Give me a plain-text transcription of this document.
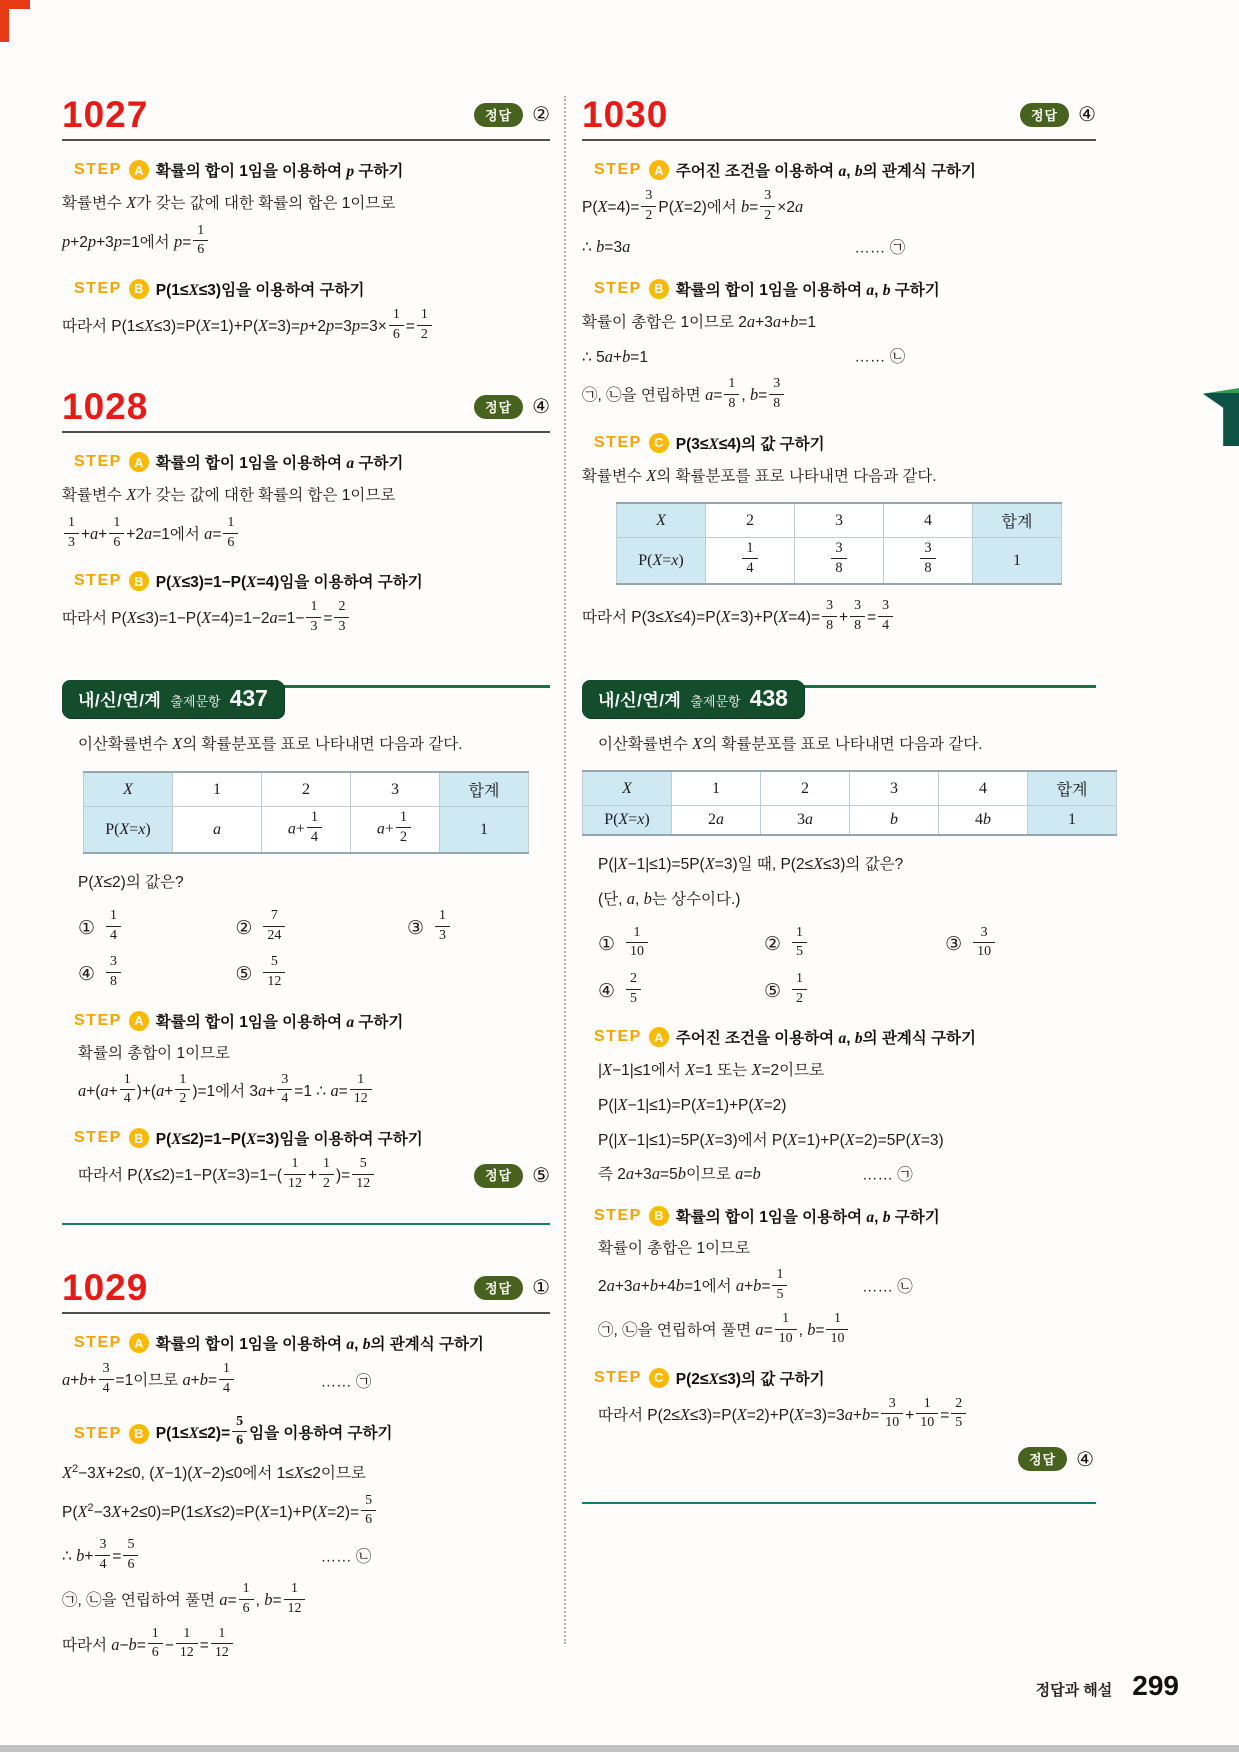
1027	정답	②
STEP A 확률의 합이 1임을 이용하여 p 구하기
확률변수 X가 갖는 값에 대한 확률의 합은 1이므로
p+2p+3p=1에서 $p= \frac{1}{6}$
STEP B P(1≤X≤3)임을 이용하여 구하기
따라서 $P(1\le X\le 3)=P(X=1)+P(X=3)=p+2p=3p=3\times \frac{1}{6} = \frac{1}{2}$
1028	정답	④
STEP A 확률의 합이 1임을 이용하여 a 구하기
확률변수 X가 갖는 값에 대한 확률의 합은 1이므로
$\frac{1}{3} +a+ \frac{1}{6} +2a=1$에서 $a= \frac{1}{6}$
STEP B P(X≤3)=1−P(X=4)임을 이용하여 구하기
따라서 $P(X\le 3)=1-P(X=4)=1-2a=1- \frac{1}{3} = \frac{2}{3}$
내/신/연/계 출제문항 437
이산확률변수 X의 확률분포를 표로 나타내면 다음과 같다.
X	1	2	3	합계
P(X=x)	a	$a+ \frac{1}{4}$	$a+ \frac{1}{2}$	1
P(X≤2)의 값은?
① $\frac{1}{4}$	② $\frac{7}{24}$	③ $\frac{1}{3}$
④ $\frac{3}{8}$	⑤ $\frac{5}{12}$
STEP A 확률의 합이 1임을 이용하여 a 구하기
확률의 총합이 1이므로
$a+(a+ \frac{1}{4} )+(a+ \frac{1}{2} )=1$에서 $3a+ \frac{3}{4} =1$ ∴ $a= \frac{1}{12}$
STEP B P(X≤2)=1−P(X=3)임을 이용하여 구하기
따라서 $P(X\le 2)=1-P(X=3)=1-( \frac{1}{12} + \frac{1}{2}$ )= $\frac{5}{12}$	정답	⑤
1029	정답	①
STEP A 확률의 합이 1임을 이용하여 a, b의 관계식 구하기
$a+b+ \frac{3}{4} =1$이므로 $a+b= \frac{1}{4}$	…… ㉠
STEP B $P(1\le X\le 2)= \frac{5}{6}$ 임을 이용하여 구하기
$X^2-3X+2\le 0$, (X−1)(X−2)≤0에서 1≤X≤2이므로
$P(X^2-3X+2\le 0)=P(1\le X\le 2)=P(X=1)+P(X=2)= \frac{5}{6}$
∴ $b+ \frac{3}{4} = \frac{5}{6}$	…… ㉡
㉠, ㉡을 연립하여 풀면 $a= \frac{1}{6}$ , $b= \frac{1}{12}$
따라서 $a-b= \frac{1}{6} - \frac{1}{12} = \frac{1}{12}$
1030	정답	④
STEP A 주어진 조건을 이용하여 a, b의 관계식 구하기
$P(X=4)= \frac{3}{2} P(X=2)$에서 $b= \frac{3}{2} \times 2a$
∴ b=3a	…… ㉠
STEP B 확률의 합이 1임을 이용하여 a, b 구하기
확률이 총합은 1이므로 2a+3a+b=1
∴ 5a+b=1	…… ㉡
㉠, ㉡을 연립하면 $a= \frac{1}{8}$ , $b= \frac{3}{8}$
STEP C P(3≤X≤4)의 값 구하기
확률변수 X의 확률분포를 표로 나타내면 다음과 같다.
X	2	3	4	합계
P(X=x)	$\frac{1}{4}$	$\frac{3}{8}$	$\frac{3}{8}$	1
따라서 $P(3\le X\le 4)=P(X=3)+P(X=4)= \frac{3}{8} + \frac{3}{8} = \frac{3}{4}$
내/신/연/계 출제문항 438
이산확률변수 X의 확률분포를 표로 나타내면 다음과 같다.
X	1	2	3	4	합계
P(X=x)	2a	3a	b	4b	1
P(|X−1|≤1)=5P(X=3)일 때, P(2≤X≤3)의 값은?
(단, a, b는 상수이다.)
① $\frac{1}{10}$	② $\frac{1}{5}$	③ $\frac{3}{10}$
④ $\frac{2}{5}$	⑤ $\frac{1}{2}$
STEP A 주어진 조건을 이용하여 a, b의 관계식 구하기
|X−1|≤1에서 X=1 또는 X=2이므로
P(|X−1|≤1)=P(X=1)+P(X=2)
P(|X−1|≤1)=5P(X=3)에서 P(X=1)+P(X=2)=5P(X=3)
즉 2a+3a=5b이므로 a=b	…… ㉠
STEP B 확률의 합이 1임을 이용하여 a, b 구하기
확률이 총합은 1이므로
2a+3a+b+4b=1에서 $a+b= \frac{1}{5}$	…… ㉡
㉠, ㉡을 연립하여 풀면 $a= \frac{1}{10}$ , $b= \frac{1}{10}$
STEP C P(2≤X≤3)의 값 구하기
따라서 $P(2\le X\le 3)=P(X=2)+P(X=3)=3a+b= \frac{3}{10} + \frac{1}{10} = \frac{2}{5}$
정답	④
정답과 해설 299
